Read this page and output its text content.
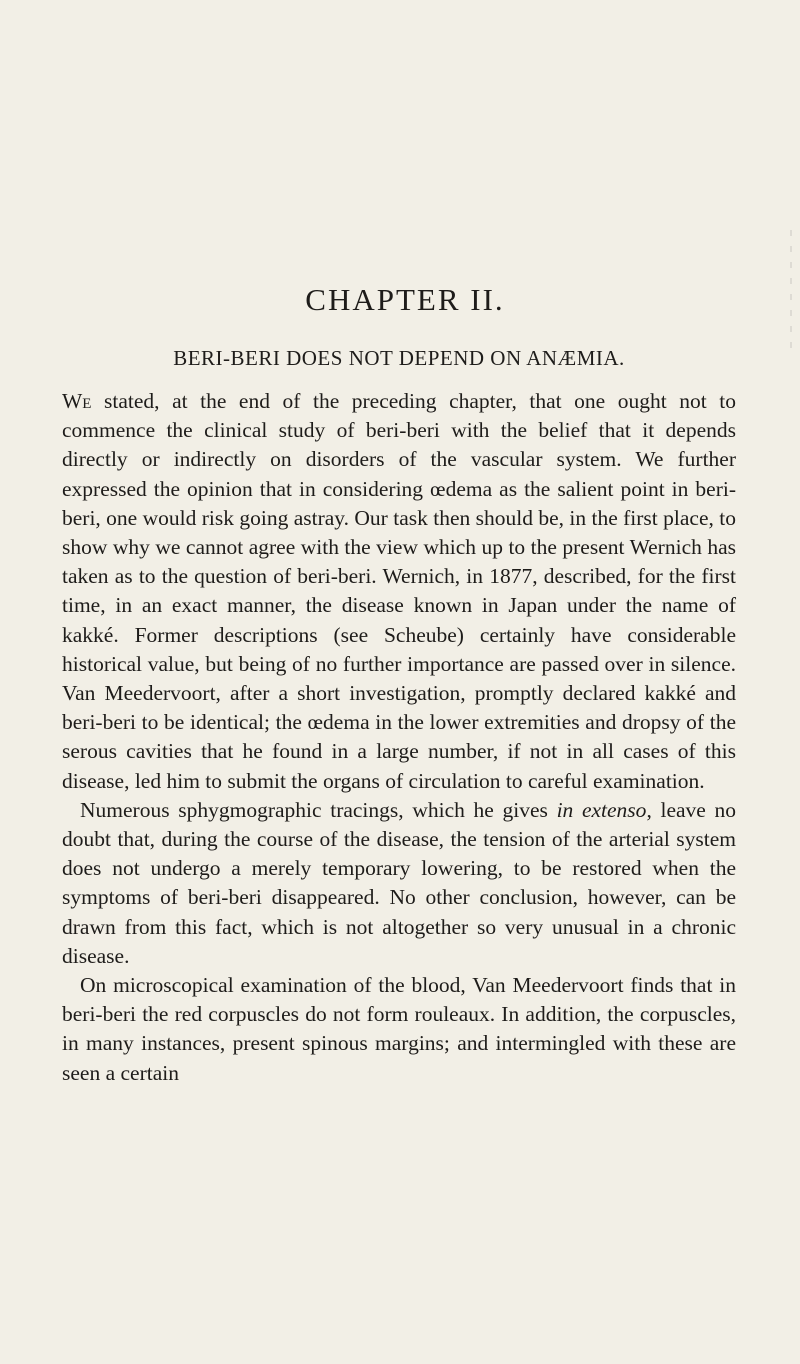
CHAPTER II.
BERI-BERI DOES NOT DEPEND ON ANÆMIA.

We stated, at the end of the preceding chapter, that one ought not to commence the clinical study of beri-beri with the belief that it depends directly or indirectly on disorders of the vascular system. We further expressed the opinion that in considering œdema as the salient point in beri-beri, one would risk going astray. Our task then should be, in the first place, to show why we cannot agree with the view which up to the present Wernich has taken as to the question of beri-beri. Wernich, in 1877, described, for the first time, in an exact manner, the disease known in Japan under the name of kakké. Former descriptions (see Scheube) certainly have considerable historical value, but being of no further importance are passed over in silence. Van Meedervoort, after a short investigation, promptly declared kakké and beri-beri to be identical; the œdema in the lower extremities and dropsy of the serous cavities that he found in a large number, if not in all cases of this disease, led him to submit the organs of circulation to careful examination.

Numerous sphygmographic tracings, which he gives in extenso, leave no doubt that, during the course of the disease, the tension of the arterial system does not undergo a merely temporary lowering, to be restored when the symptoms of beri-beri disappeared. No other conclusion, however, can be drawn from this fact, which is not altogether so very unusual in a chronic disease.

On microscopical examination of the blood, Van Meedervoort finds that in beri-beri the red corpuscles do not form rouleaux. In addition, the corpuscles, in many instances, present spinous margins; and intermingled with these are seen a certain
